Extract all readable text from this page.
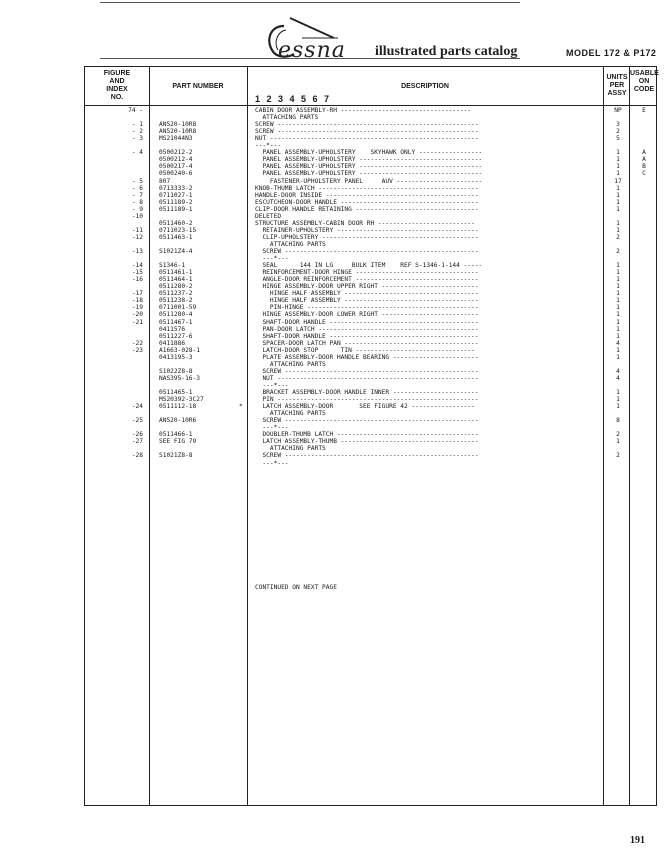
essna illustrated parts catalog	MODEL 172 & P172
FIGURE
AND
INDEX
NO.
PART NUMBER	DESCRIPTION
1 2 3 4 5 6 7
UNITS
PER
ASSY
USABLE
ON
CODE
74 -	CABIN DOOR ASSEMBLY-RH -----------------------------------	NP	E
ATTACHING PARTS
- 1	AN520-10R8	SCREW ------------------------------------------------------	3
- 2	AN520-10R8	SCREW ------------------------------------------------------	2
- 3	MS21044N3	NUT --------------------------------------------------------	5
---*---
- 4	0500212-2	PANEL ASSEMBLY-UPHOLSTERY    SKYHAWK ONLY -----------------	1	A
0500212-4	PANEL ASSEMBLY-UPHOLSTERY ---------------------------------	1	A
0500217-4	PANEL ASSEMBLY-UPHOLSTERY ---------------------------------	1	B
0500240-6	PANEL ASSEMBLY-UPHOLSTERY ---------------------------------	1	C
- 5	807	FASTENER-UPHOLSTERY PANEL     AUV -----------------------	17
- 6	0713333-2	KNOB-THUMB LATCH -------------------------------------------	1
- 7	0711027-1	HANDLE-DOOR INSIDE -----------------------------------------	1
- 8	0511189-2	ESCUTCHEON-DOOR HANDLE -------------------------------------	1
- 9	0511189-1	CLIP-DOOR HANDLE RETAINING ---------------------------------	1
-10	DELETED
0511460-2	STRUCTURE ASSEMBLY-CABIN DOOR RH --------------------------	1
-11	0711023-15	RETAINER-UPHOLSTERY --------------------------------------	1
-12	0511463-1	CLIP-UPHOLSTERY ------------------------------------------	2
ATTACHING PARTS
-13	S1021Z4-4	SCREW ----------------------------------------------------	2
---*---
-14	S1346-1	SEAL      144 IN LG     BULK ITEM    REF S-1346-1-144 -----	1
-15	0511461-1	REINFORCEMENT-DOOR HINGE ---------------------------------	1
-16	0511464-1	ANGLE-DOOR REINFORCEMENT ---------------------------------	1
0511280-2	HINGE ASSEMBLY-DOOR UPPER RIGHT --------------------------	1
-17	0511237-2	HINGE HALF ASSEMBLY ------------------------------------	1
-18	0511238-2	HINGE HALF ASSEMBLY ------------------------------------	1
-19	0711001-59	PIN-HINGE ----------------------------------------------	1
-20	0511280-4	HINGE ASSEMBLY-DOOR LOWER RIGHT --------------------------	1
-21	0511467-1	SHAFT-DOOR HANDLE ----------------------------------------	1
0411576	PAN-DOOR LATCH -------------------------------------------	1
0511227-6	SHAFT-DOOR HANDLE ----------------------------------------	1
-22	0411886	SPACER-DOOR LATCH PAN ------------------------------------	4
-23	A1663-028-1	LATCH-DOOR STOP      TIN --------------------------------	1
0413195-3	PLATE ASSEMBLY-DOOR HANDLE BEARING -----------------------	1
ATTACHING PARTS
S1022Z8-8	SCREW ----------------------------------------------------	4
NAS395-16-3	NUT ------------------------------------------------------	4
---*---
0511465-1	BRACKET ASSEMBLY-DOOR HANDLE INNER -----------------------	1
MS20392-3C27	PIN ------------------------------------------------------	1
-24	0511112-18	LATCH ASSEMBLY-DOOR       SEE FIGURE 42 -----------------	1
*
ATTACHING PARTS
-25	AN520-10R6	SCREW ----------------------------------------------------	8
---*---
-26	0511466-1	DOUBLER-THUMB LATCH --------------------------------------	2
-27	SEE FIG 79	LATCH ASSEMBLY-THUMB -------------------------------------	1
ATTACHING PARTS
-28	S1021Z8-8	SCREW ----------------------------------------------------	2
---*---

CONTINUED ON NEXT PAGE

191
